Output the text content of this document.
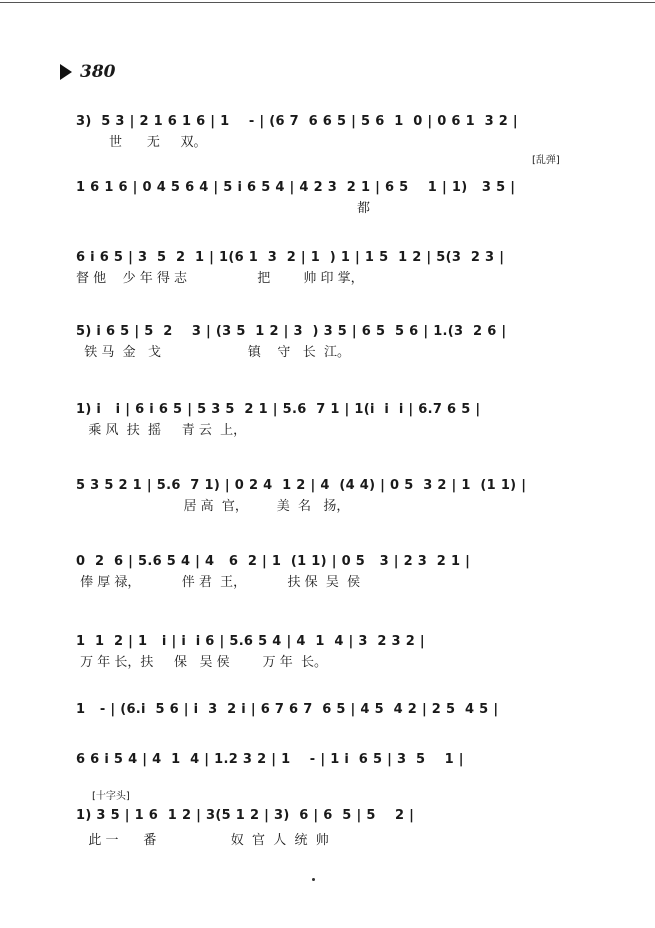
380
[乱弹]
[十字头]
3)  5 3 | 2 1 6 1 6 | 1    - | (6 7  6 6 5 | 5 6  1  0 | 0 6 1  3 2 |
世      无     双。
1 6 1 6 | 0 4 5 6 4 | 5 i 6 5 4 | 4 2 3  2 1 | 6 5    1 | 1)   3 5 |
都
6 i 6 5 | 3  5  2  1 | 1(6 1  3  2 | 1  ) 1 | 1 5  1 2 | 5(3  2 3 |
督 他    少 年 得 志                 把        帅 印 掌，
5) i 6 5 | 5  2    3 | (3 5  1 2 | 3  ) 3 5 | 6 5  5 6 | 1.(3  2 6 |
铁 马  金   戈                     镇    守   长  江。
1) i   i | 6 i 6 5 | 5 3 5  2 1 | 5.6  7 1 | 1(i  i  i | 6.7 6 5 |
乘 风  扶  摇     青 云  上，
5 3 5 2 1 | 5.6  7 1) | 0 2 4  1 2 | 4  (4 4) | 0 5  3 2 | 1  (1 1) |
居 高  官，       美  名   扬，
0  2  6 | 5.6 5 4 | 4   6  2 | 1  (1 1) | 0 5   3 | 2 3  2 1 |
俸 厚 禄，          伴 君  王，          扶 保  吴  侯
1  1  2 | 1   i | i  i 6 | 5.6 5 4 | 4  1  4 | 3  2 3 2 |
万 年 长，扶     保   吴 侯        万 年  长。
1   - | (6.i  5 6 | i  3  2 i | 6 7 6 7  6 5 | 4 5  4 2 | 2 5  4 5 |
6 6 i 5 4 | 4  1  4 | 1.2 3 2 | 1    - | 1 i  6 5 | 3  5    1 |
1) 3 5 | 1 6  1 2 | 3(5 1 2 | 3)  6 | 6  5 | 5    2 |
此 一      番                  奴  官  人  统  帅
